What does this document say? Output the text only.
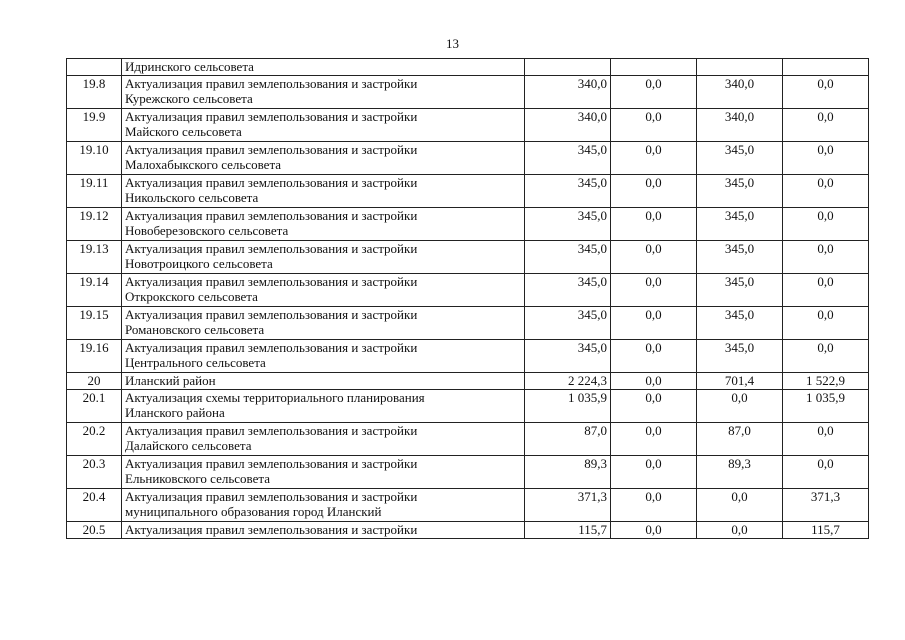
13

	Идринского сельсовета				

19.8	Актуализация правил землепользования и застройки
Курежского сельсовета	340,0	0,0	340,0	0,0
19.9	Актуализация правил землепользования и застройки
Майского сельсовета	340,0	0,0	340,0	0,0
19.10	Актуализация правил землепользования и застройки
Малохабыкского сельсовета	345,0	0,0	345,0	0,0
19.11	Актуализация правил землепользования и застройки
Никольского сельсовета	345,0	0,0	345,0	0,0
19.12	Актуализация правил землепользования и застройки
Новоберезовского сельсовета	345,0	0,0	345,0	0,0
19.13	Актуализация правил землепользования и застройки
Новотроицкого сельсовета	345,0	0,0	345,0	0,0
19.14	Актуализация правил землепользования и застройки
Открокского сельсовета	345,0	0,0	345,0	0,0
19.15	Актуализация правил землепользования и застройки
Романовского сельсовета	345,0	0,0	345,0	0,0
19.16	Актуализация правил землепользования и застройки
Центрального сельсовета	345,0	0,0	345,0	0,0
20	Иланский район	2 224,3	0,0	701,4	1 522,9
20.1	Актуализация схемы территориального планирования
Иланского района	1 035,9	0,0	0,0	1 035,9
20.2	Актуализация правил землепользования и застройки
Далайского сельсовета	87,0	0,0	87,0	0,0
20.3	Актуализация правил землепользования и застройки
Ельниковского сельсовета	89,3	0,0	89,3	0,0
20.4	Актуализация правил землепользования и застройки
муниципального образования город Иланский	371,3	0,0	0,0	371,3
20.5	Актуализация правил землепользования и застройки	115,7	0,0	0,0	115,7
